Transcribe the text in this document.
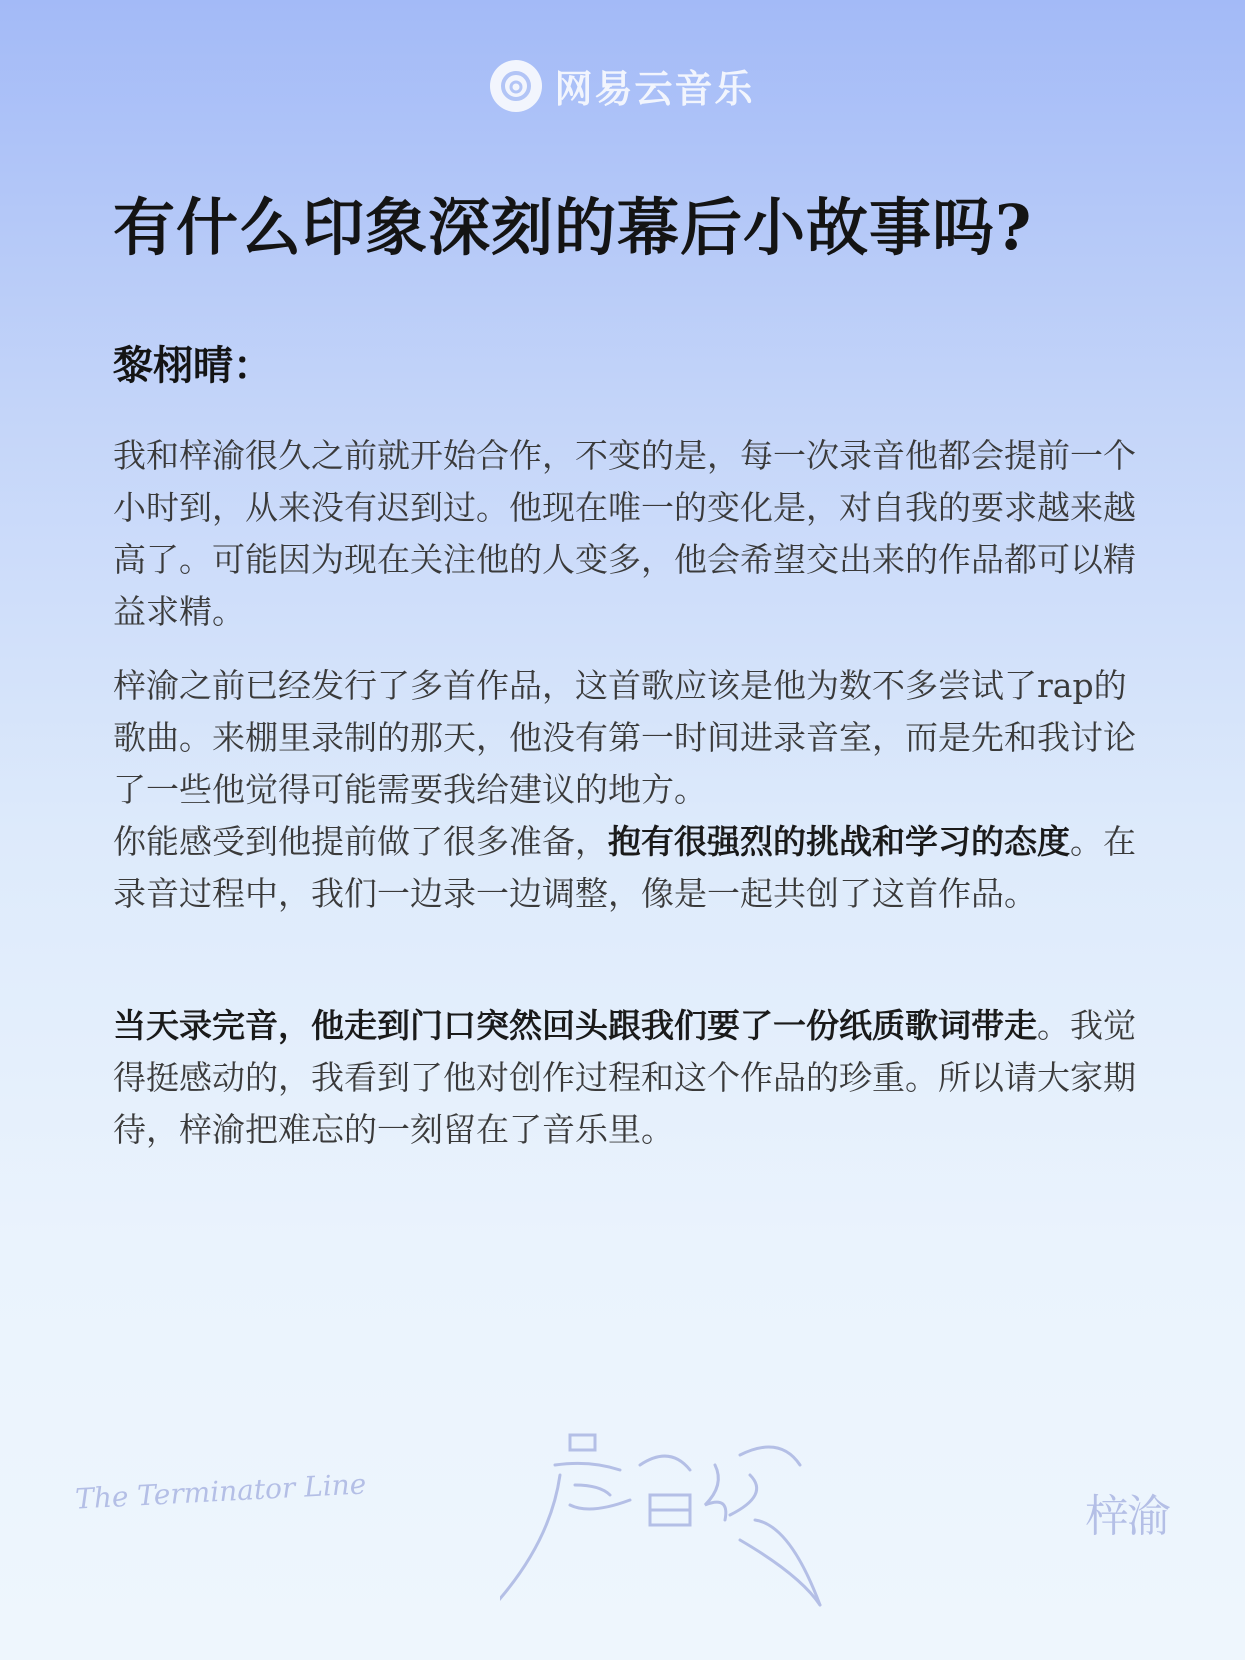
网易云音乐
有什么印象深刻的幕后小故事吗?
黎栩晴：
我和梓渝很久之前就开始合作，不变的是，每一次录音他都会提前一个小时到，从来没有迟到过。他现在唯一的变化是，对自我的要求越来越高了。可能因为现在关注他的人变多，他会希望交出来的作品都可以精益求精。
梓渝之前已经发行了多首作品，这首歌应该是他为数不多尝试了rap的歌曲。来棚里录制的那天，他没有第一时间进录音室，而是先和我讨论了一些他觉得可能需要我给建议的地方。
你能感受到他提前做了很多准备，抱有很强烈的挑战和学习的态度。在录音过程中，我们一边录一边调整，像是一起共创了这首作品。
当天录完音，他走到门口突然回头跟我们要了一份纸质歌词带走。我觉得挺感动的，我看到了他对创作过程和这个作品的珍重。所以请大家期待，梓渝把难忘的一刻留在了音乐里。
The Terminator Line
晨昏线
梓渝
